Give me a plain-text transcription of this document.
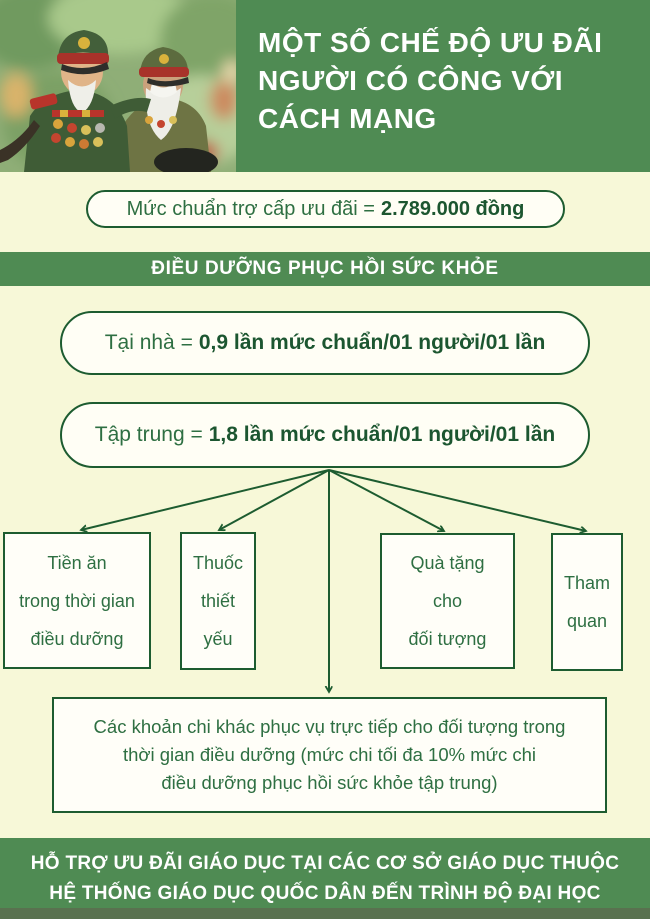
MỘT SỐ CHẾ ĐỘ ƯU ĐÃI
NGƯỜI CÓ CÔNG VỚI
CÁCH MẠNG
Mức chuẩn trợ cấp ưu đãi = 2.789.000 đồng
ĐIỀU DƯỠNG PHỤC HỒI SỨC KHỎE
Tại nhà = 0,9 lần mức chuẩn/01 người/01 lần
Tập trung = 1,8 lần mức chuẩn/01 người/01 lần
Tiền ăn
trong thời gian
điều dưỡng
Thuốc
thiết
yếu
Quà tặng
cho
đối tượng
Tham
quan
Các khoản chi khác phục vụ trực tiếp cho đối tượng trong
thời gian điều dưỡng (mức chi tối đa 10% mức chi
điều dưỡng phục hồi sức khỏe tập trung)
HỖ TRỢ ƯU ĐÃI GIÁO DỤC TẠI CÁC CƠ SỞ GIÁO DỤC THUỘC
HỆ THỐNG GIÁO DỤC QUỐC DÂN ĐẾN TRÌNH ĐỘ ĐẠI HỌC
